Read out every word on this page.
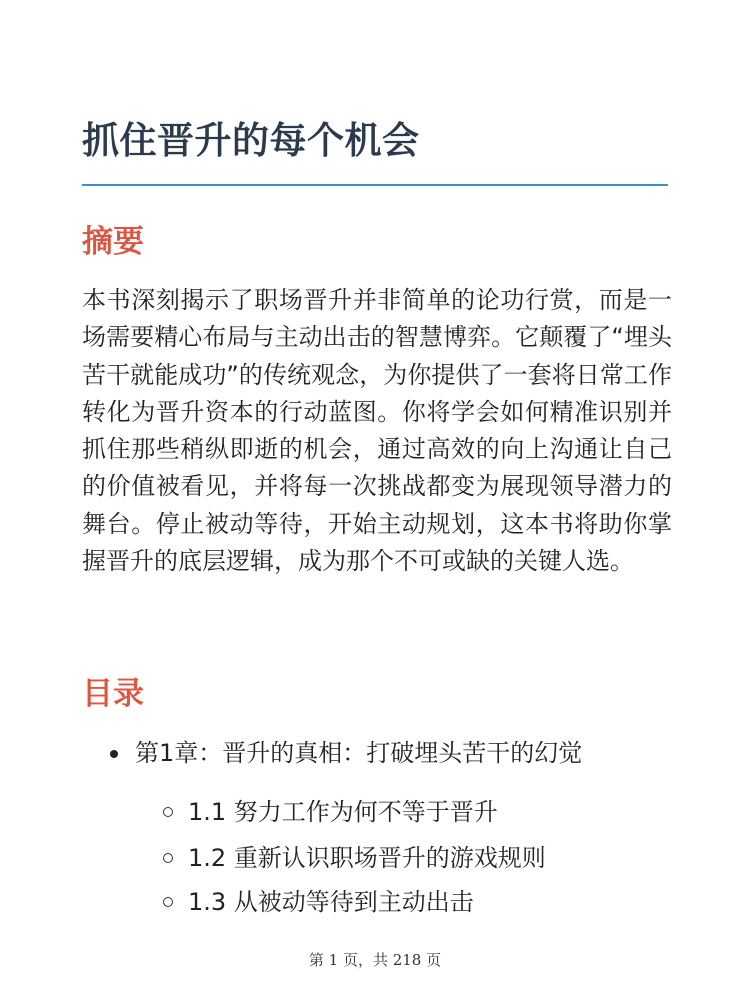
抓住晋升的每个机会
摘要

本书深刻揭示了职场晋升并非简单的论功行赏，而是一场需要精心布局与主动出击的智慧博弈。它颠覆了“埋头苦干就能成功”的传统观念，为你提供了一套将日常工作转化为晋升资本的行动蓝图。你将学会如何精准识别并抓住那些稍纵即逝的机会，通过高效的向上沟通让自己的价值被看见，并将每一次挑战都变为展现领导潜力的舞台。停止被动等待，开始主动规划，这本书将助你掌握晋升的底层逻辑，成为那个不可或缺的关键人选。

目录
第1章：晋升的真相：打破埋头苦干的幻觉
1.1 努力工作为何不等于晋升
1.2 重新认识职场晋升的游戏规则
1.3 从被动等待到主动出击
第 1 页，共 218 页
